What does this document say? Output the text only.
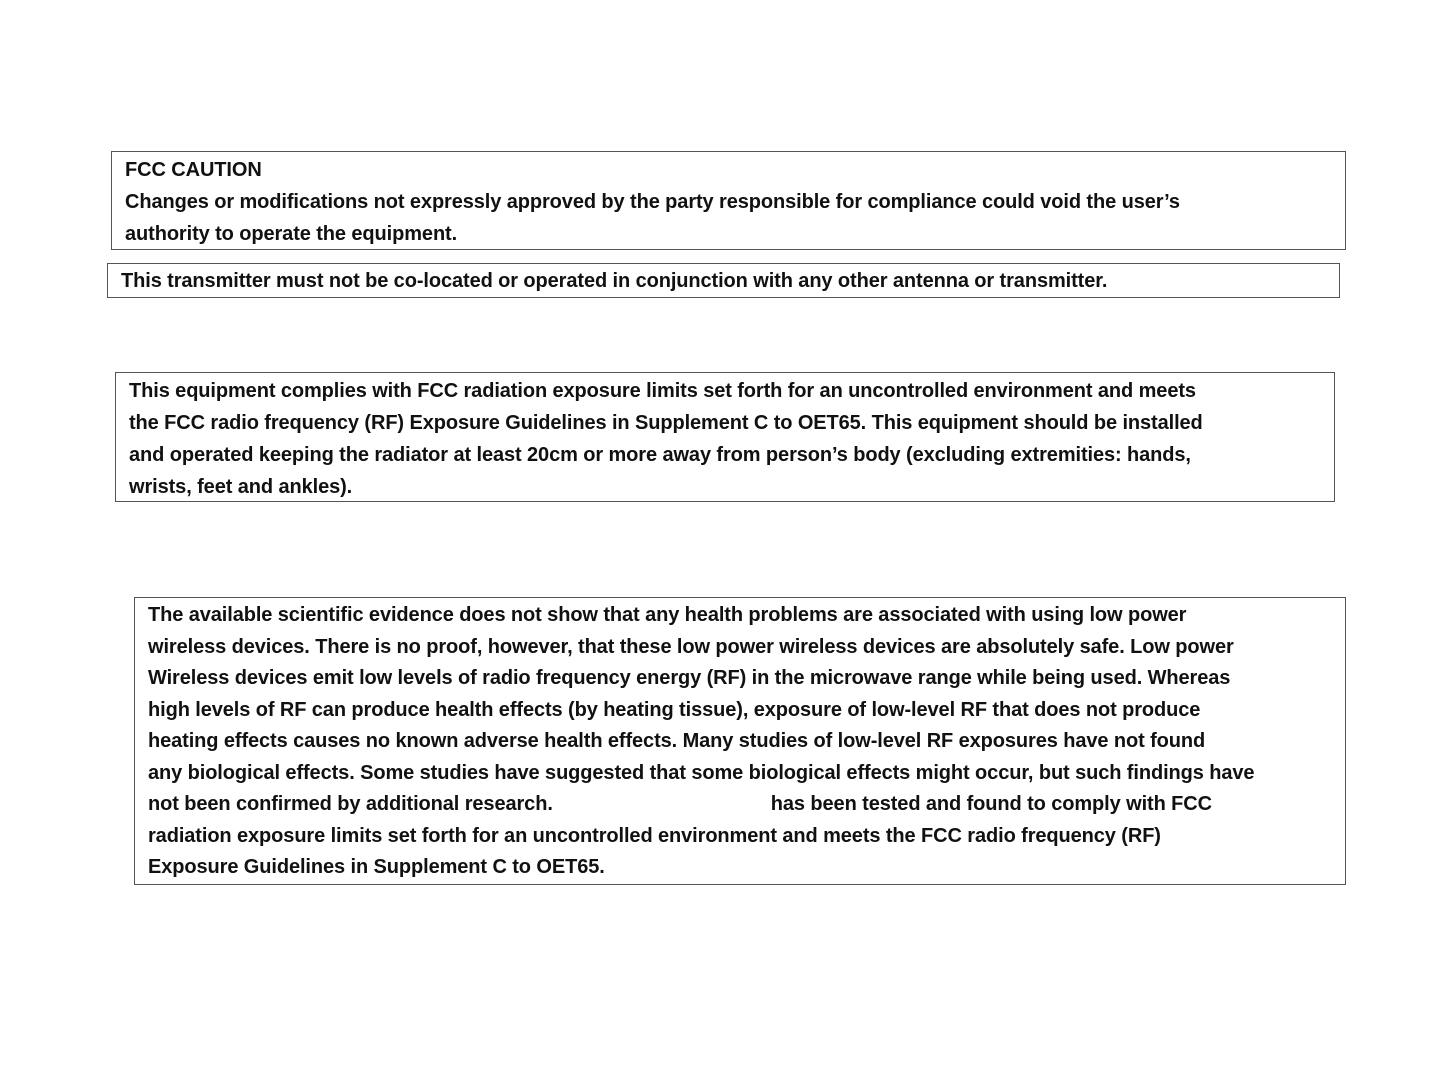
FCC CAUTION

Changes or modifications not expressly approved by the party responsible for compliance could void the user’s

authority to operate the equipment.

This transmitter must not be co-located or operated in conjunction with any other antenna or transmitter.

This equipment complies with FCC radiation exposure limits set forth for an uncontrolled environment and meets

the FCC radio frequency (RF) Exposure Guidelines in Supplement C to OET65. This equipment should be installed

and operated keeping the radiator at least 20cm or more away from person’s body (excluding extremities: hands,

wrists, feet and ankles).

The available scientific evidence does not show that any health problems are associated with using low power

wireless devices. There is no proof, however, that these low power wireless devices are absolutely safe. Low power

Wireless devices emit low levels of radio frequency energy (RF) in the microwave range while being used. Whereas

high levels of RF can produce health effects (by heating tissue), exposure of low-level RF that does not produce

heating effects causes no known adverse health effects. Many studies of low-level RF exposures have not found

any biological effects. Some studies have suggested that some biological effects might occur, but such findings have

not been confirmed by additional research.	has been tested and found to comply with FCC

radiation exposure limits set forth for an uncontrolled environment and meets the FCC radio frequency (RF)

Exposure Guidelines in Supplement C to OET65.
